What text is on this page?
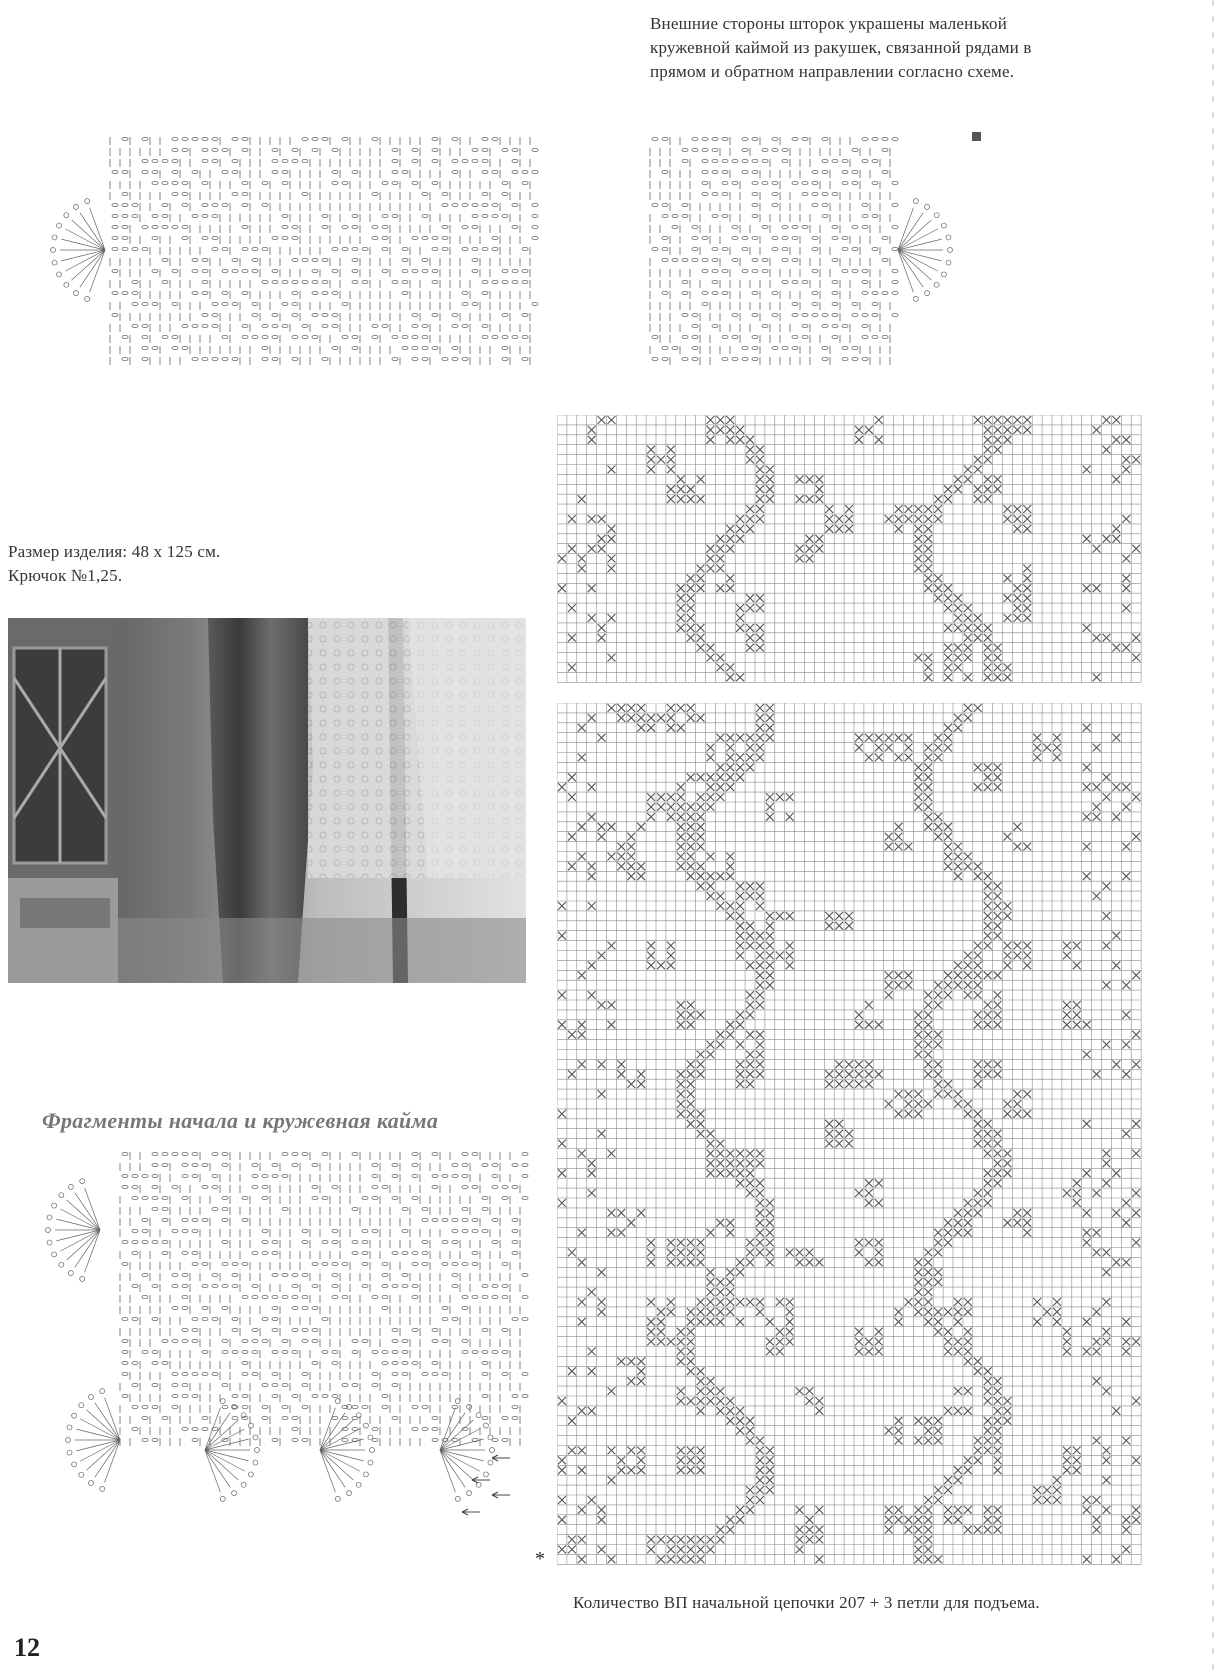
Внешние стороны шторок украшены маленькой
кружевной каймой из ракушек, связанной рядами в
прямом и обратном направлении согласно схеме.
Размер изделия: 48 х 125 см.
Крючок №1,25.
Фрагменты начала и кружевная кайма
*
Количество ВП начальной цепочки 207 + 3 петли для подъема.
12
